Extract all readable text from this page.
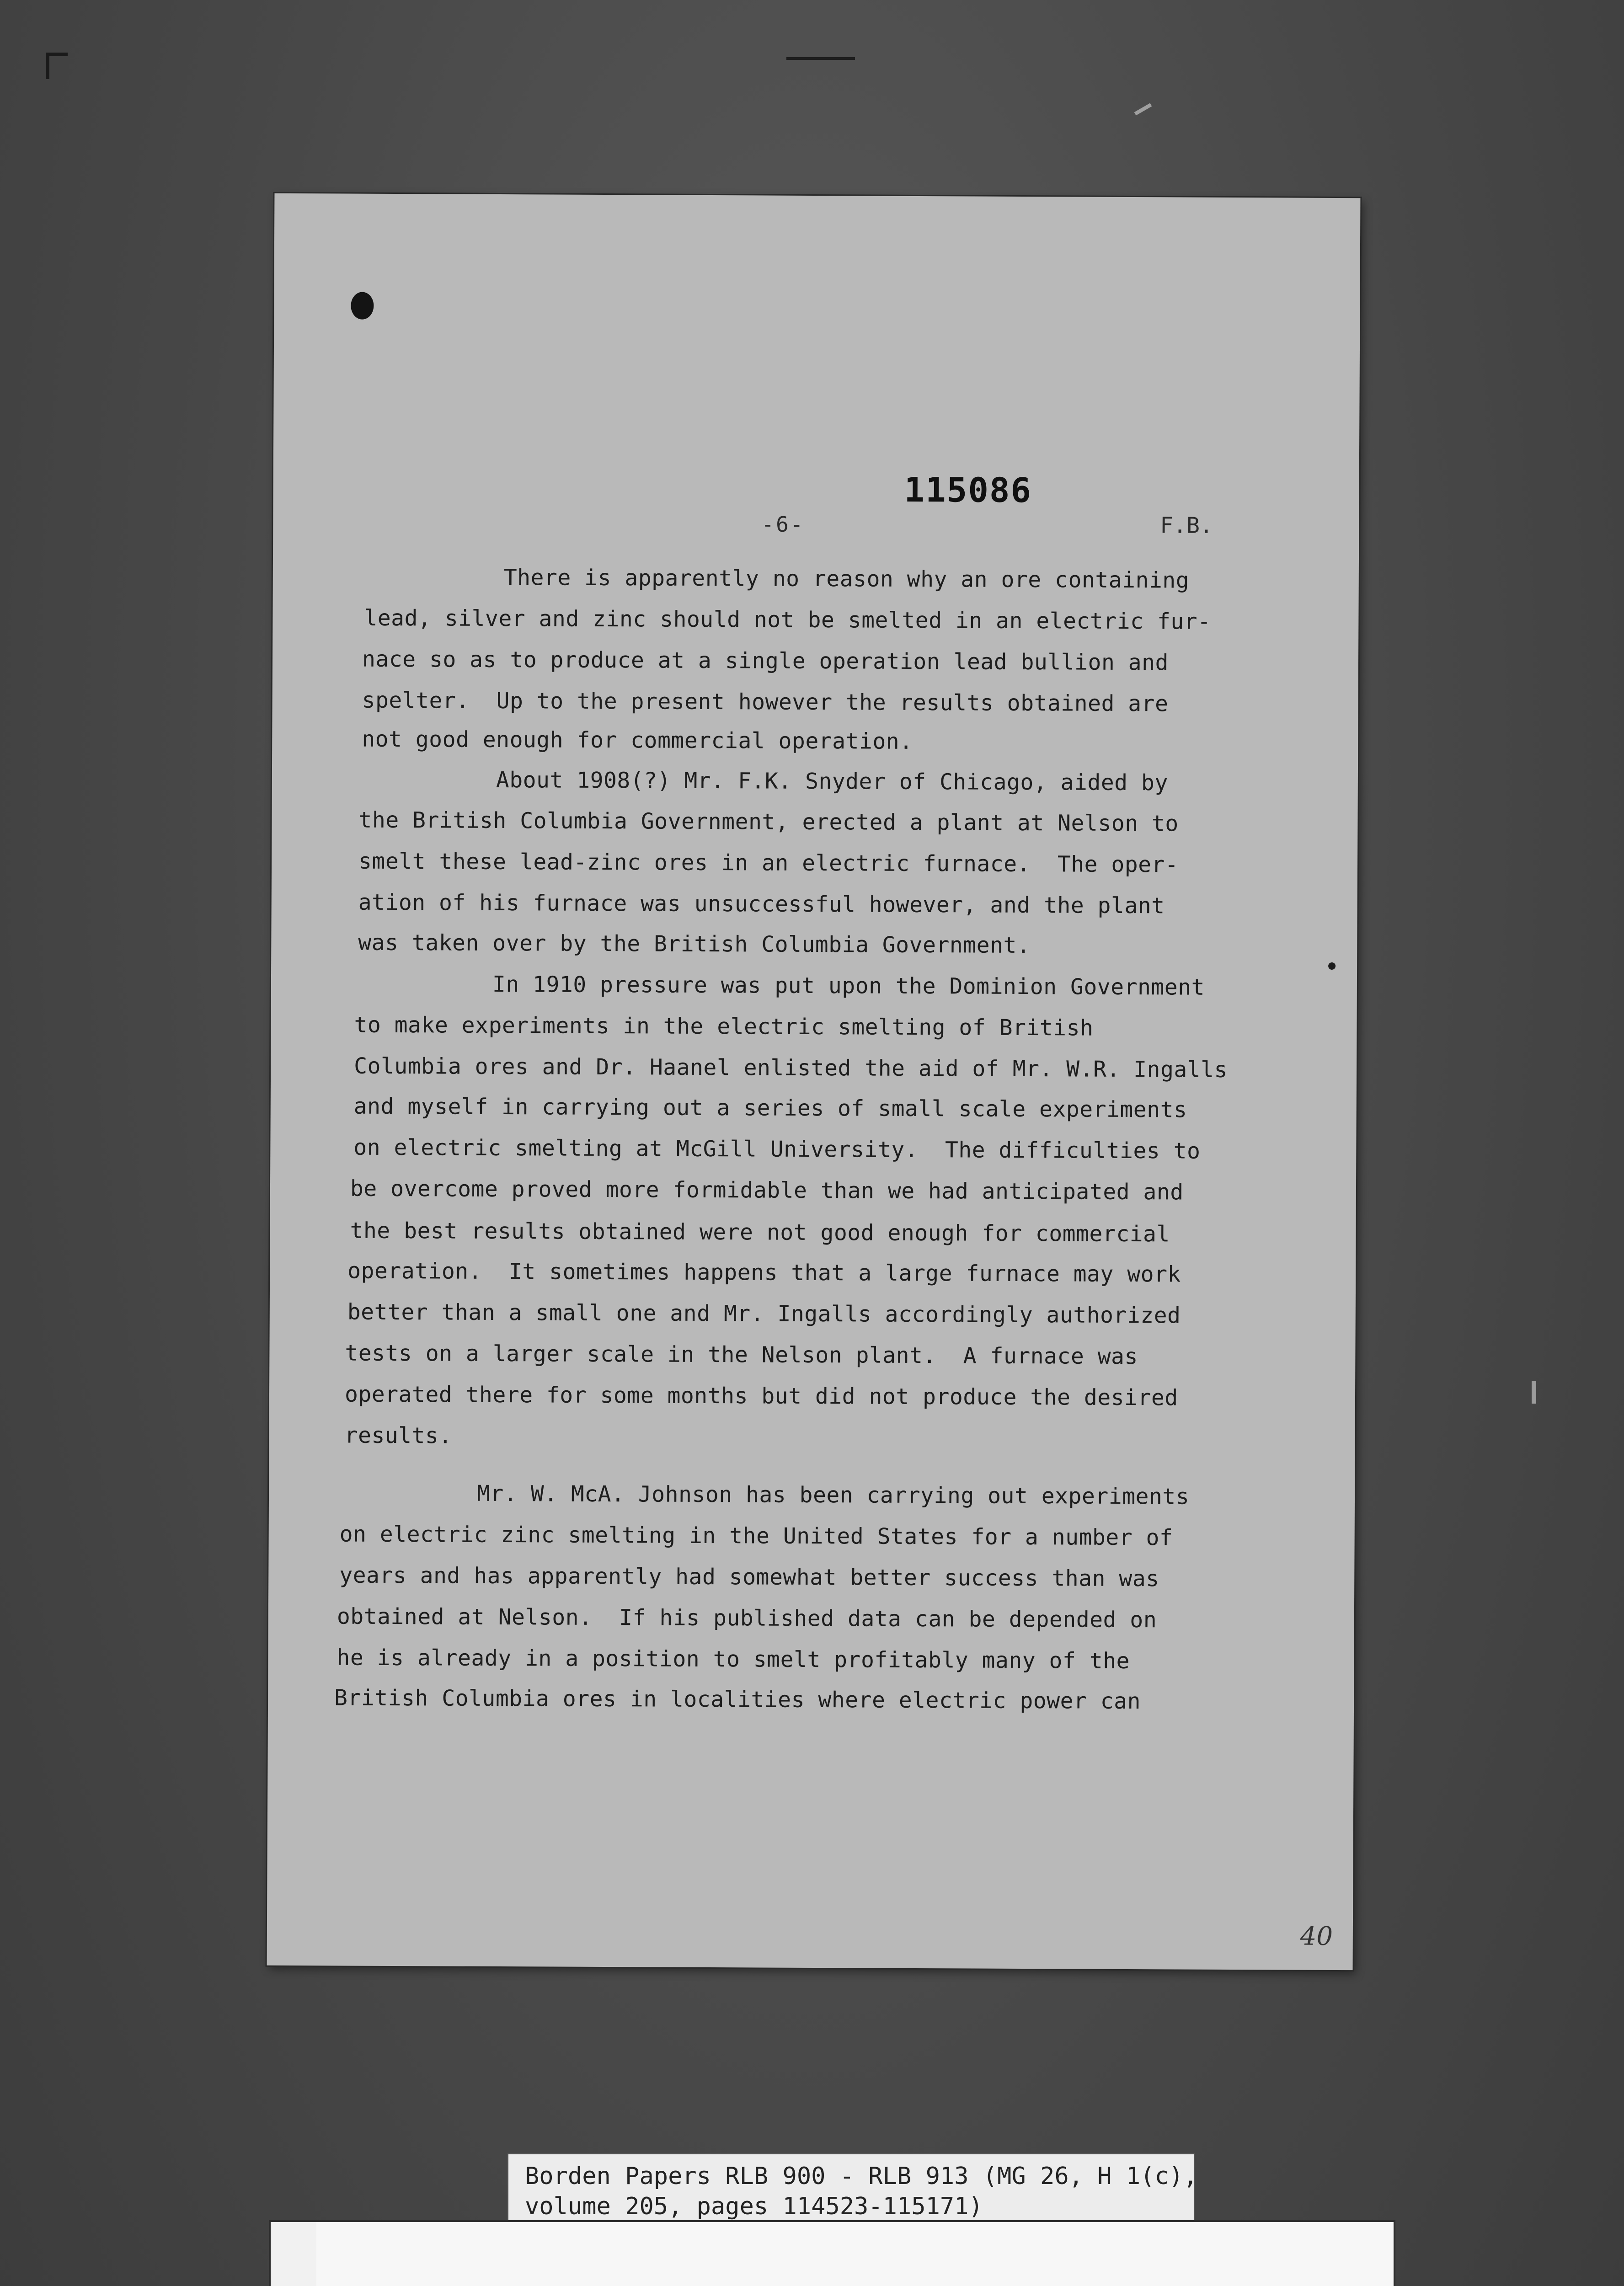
-6-
115086
F.B.
There is apparently no reason why an ore containing
lead, silver and zinc should not be smelted in an electric fur-
nace so as to produce at a single operation lead bullion and
spelter.  Up to the present however the results obtained are
not good enough for commercial operation.
About 1908(?) Mr. F.K. Snyder of Chicago, aided by
the British Columbia Government, erected a plant at Nelson to
smelt these lead-zinc ores in an electric furnace.  The oper-
ation of his furnace was unsuccessful however, and the plant
was taken over by the British Columbia Government.
In 1910 pressure was put upon the Dominion Government
to make experiments in the electric smelting of British
Columbia ores and Dr. Haanel enlisted the aid of Mr. W.R. Ingalls
and myself in carrying out a series of small scale experiments
on electric smelting at McGill University.  The difficulties to
be overcome proved more formidable than we had anticipated and
the best results obtained were not good enough for commercial
operation.  It sometimes happens that a large furnace may work
better than a small one and Mr. Ingalls accordingly authorized
tests on a larger scale in the Nelson plant.  A furnace was
operated there for some months but did not produce the desired
results.
Mr. W. McA. Johnson has been carrying out experiments
on electric zinc smelting in the United States for a number of
years and has apparently had somewhat better success than was
obtained at Nelson.  If his published data can be depended on
he is already in a position to smelt profitably many of the
British Columbia ores in localities where electric power can
40
Borden Papers RLB 900 - RLB 913 (MG 26, H 1(c),
volume 205, pages 114523-115171)
